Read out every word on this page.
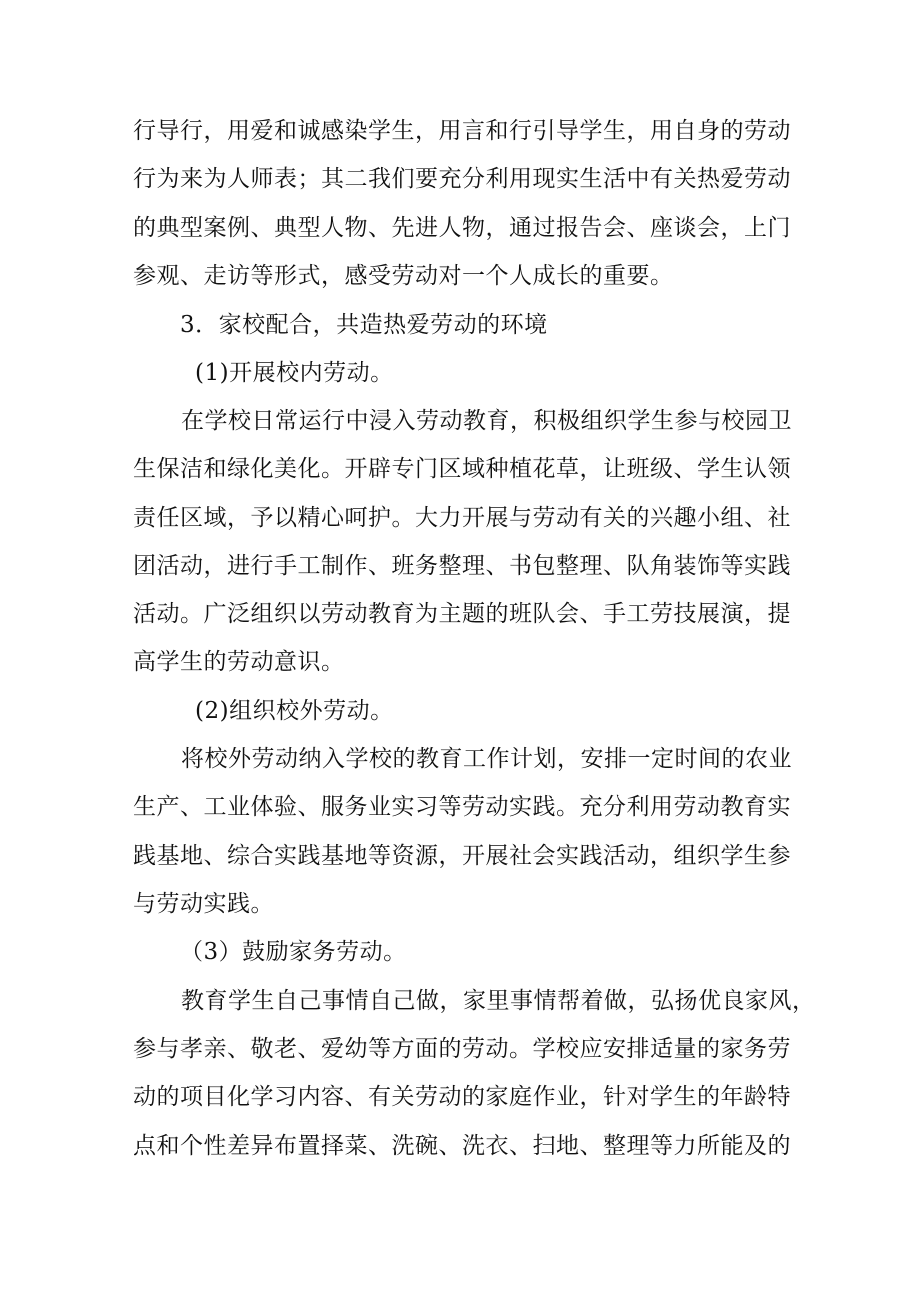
行导行，用爱和诚感染学生，用言和行引导学生，用自身的劳动
行为来为人师表；其二我们要充分利用现实生活中有关热爱劳动
的典型案例、典型人物、先进人物，通过报告会、座谈会，上门
参观、走访等形式，感受劳动对一个人成长的重要。
3．家校配合，共造热爱劳动的环境
(1)开展校内劳动。
在学校日常运行中浸入劳动教育，积极组织学生参与校园卫
生保洁和绿化美化。开辟专门区域种植花草，让班级、学生认领
责任区域，予以精心呵护。大力开展与劳动有关的兴趣小组、社
团活动，进行手工制作、班务整理、书包整理、队角装饰等实践
活动。广泛组织以劳动教育为主题的班队会、手工劳技展演，提
高学生的劳动意识。
(2)组织校外劳动。
将校外劳动纳入学校的教育工作计划，安排一定时间的农业
生产、工业体验、服务业实习等劳动实践。充分利用劳动教育实
践基地、综合实践基地等资源，开展社会实践活动，组织学生参
与劳动实践。
（3）鼓励家务劳动。
教育学生自己事情自己做，家里事情帮着做，弘扬优良家风，
参与孝亲、敬老、爱幼等方面的劳动。学校应安排适量的家务劳
动的项目化学习内容、有关劳动的家庭作业，针对学生的年龄特
点和个性差异布置择菜、洗碗、洗衣、扫地、整理等力所能及的
